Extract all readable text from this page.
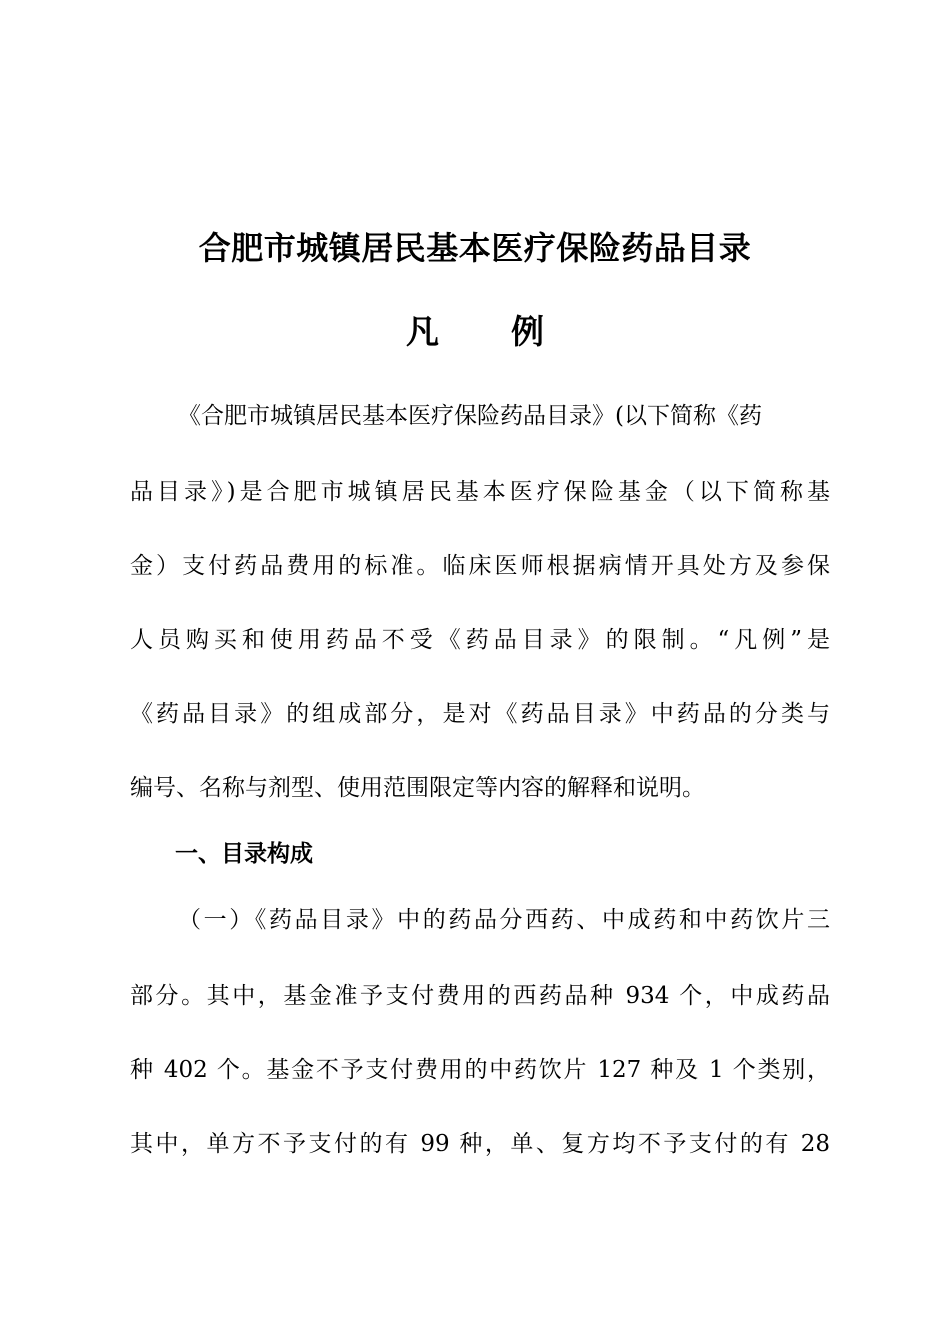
合肥市城镇居民基本医疗保险药品目录
凡 例
《合肥市城镇居民基本医疗保险药品目录》(以下简称《药
品目录》)是合肥市城镇居民基本医疗保险基金（以下简称基
金）支付药品费用的标准。临床医师根据病情开具处方及参保
人员购买和使用药品不受《药品目录》的限制。“凡例”是
《药品目录》的组成部分，是对《药品目录》中药品的分类与
编号、名称与剂型、使用范围限定等内容的解释和说明。
一、目录构成
（一）《药品目录》中的药品分西药、中成药和中药饮片三
部分。其中，基金准予支付费用的西药品种 934 个，中成药品
种 402 个。基金不予支付费用的中药饮片 127 种及 1 个类别，
其中，单方不予支付的有 99 种，单、复方均不予支付的有 28
